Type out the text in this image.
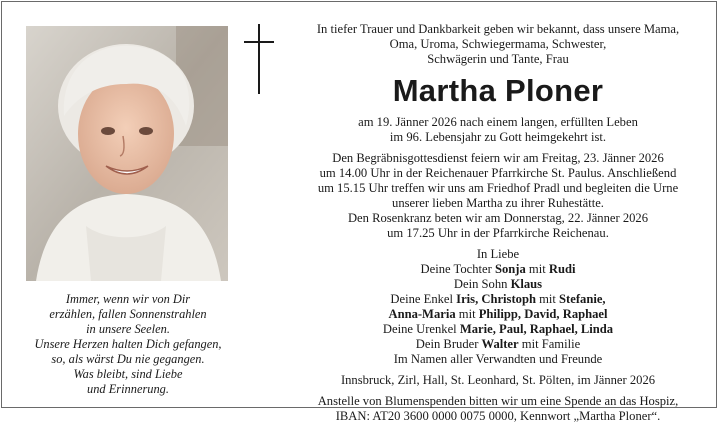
Immer, wenn wir von Dir
erzählen, fallen Sonnenstrahlen
in unsere Seelen.
Unsere Herzen halten Dich gefangen,
so, als wärst Du nie gegangen.
Was bleibt, sind Liebe
und Erinnerung.
In tiefer Trauer und Dankbarkeit geben wir bekannt, dass unsere Mama,
Oma, Uroma, Schwiegermama, Schwester,
Schwägerin und Tante, Frau
Martha Ploner
am 19. Jänner 2026 nach einem langen, erfüllten Leben
im 96. Lebensjahr zu Gott heimgekehrt ist.
Den Begräbnisgottesdienst feiern wir am Freitag, 23. Jänner 2026
um 14.00 Uhr in der Reichenauer Pfarrkirche St. Paulus. Anschließend
um 15.15 Uhr treffen wir uns am Friedhof Pradl und begleiten die Urne
unserer lieben Martha zu ihrer Ruhestätte.
Den Rosenkranz beten wir am Donnerstag, 22. Jänner 2026
um 17.25 Uhr in der Pfarrkirche Reichenau.
In Liebe
Deine Tochter Sonja mit Rudi
Dein Sohn Klaus
Deine Enkel Iris, Christoph mit Stefanie,
Anna-Maria mit Philipp, David, Raphael
Deine Urenkel Marie, Paul, Raphael, Linda
Dein Bruder Walter mit Familie
Im Namen aller Verwandten und Freunde
Innsbruck, Zirl, Hall, St. Leonhard, St. Pölten, im Jänner 2026
Anstelle von Blumenspenden bitten wir um eine Spende an das Hospiz,
IBAN: AT20 3600 0000 0075 0000, Kennwort „Martha Ploner“.
